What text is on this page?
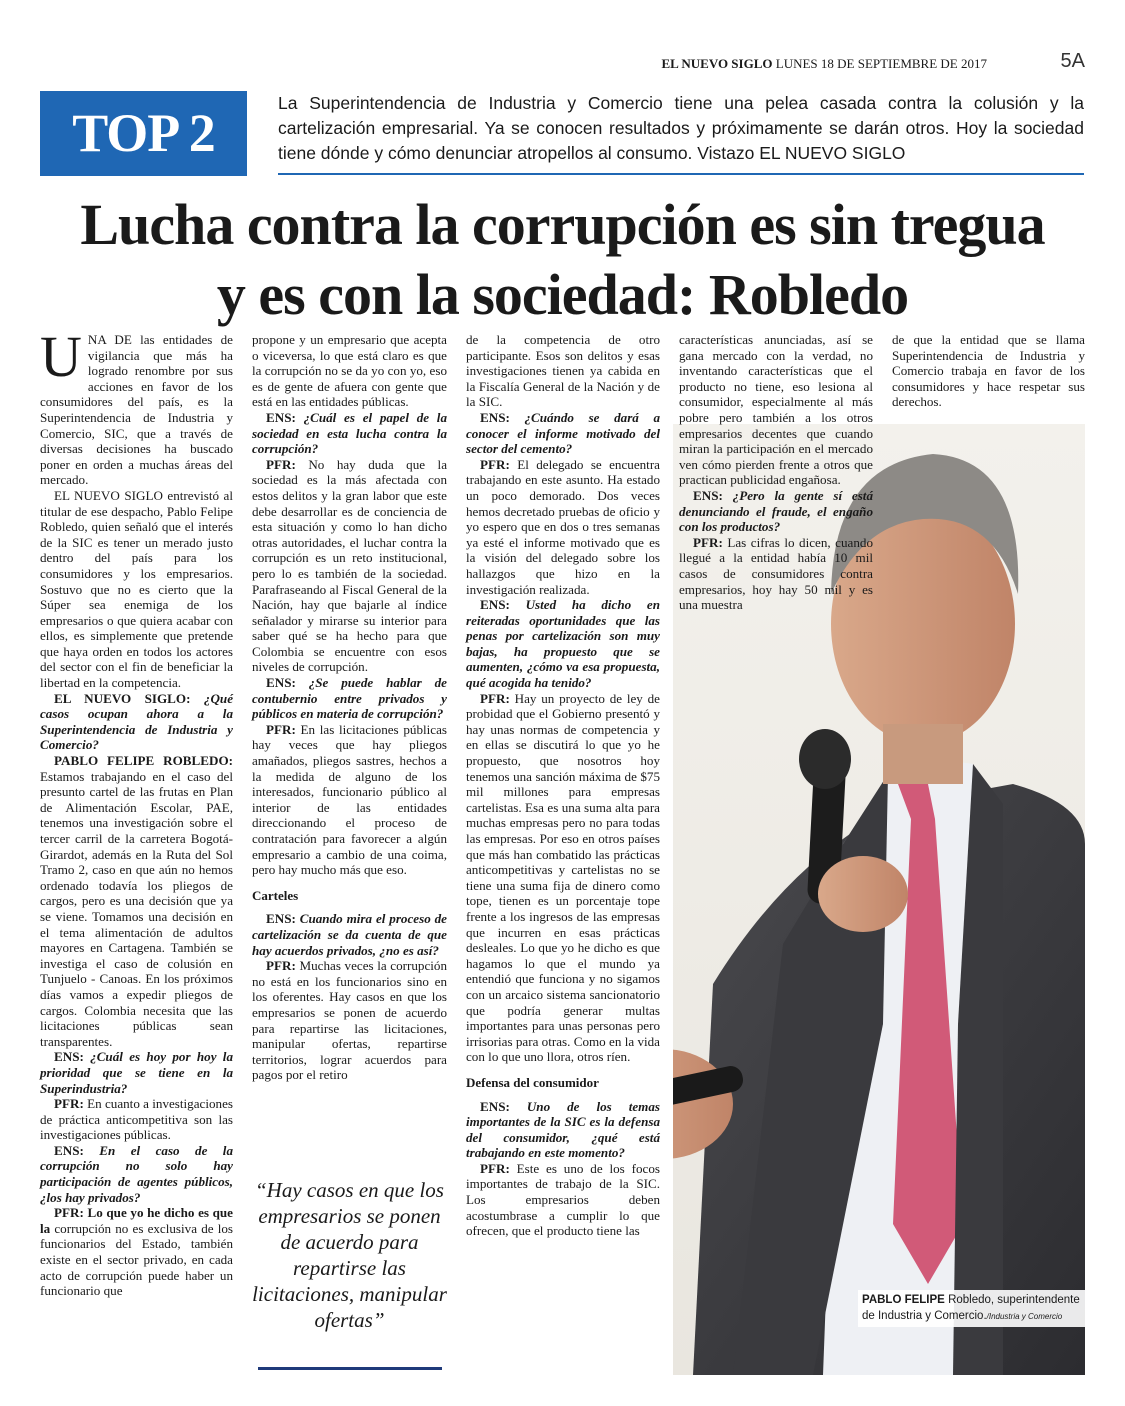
EL NUEVO SIGLO LUNES 18 DE SEPTIEMBRE DE 2017	5A
TOP 2	La Superintendencia de Industria y Comercio tiene una pelea casada contra la colusión y la cartelización empresarial. Ya se conocen resultados y próximamente se darán otros. Hoy la sociedad tiene dónde y cómo denunciar atropellos al consumo. Vistazo EL NUEVO SIGLO
Lucha contra la corrupción es sin tregua
y es con la sociedad: Robledo
PABLO FELIPE Robledo, superintendente de Industria y Comercio./Industria y Comercio

UNA DE las entidades de vigilancia que más ha logrado renombre por sus acciones en favor de los consumidores del país, es la Superintendencia de Industria y Comercio, SIC, que a través de diversas decisiones ha buscado poner en orden a muchas áreas del mercado.

EL NUEVO SIGLO entrevistó al titular de ese despacho, Pablo Felipe Robledo, quien señaló que el interés de la SIC es tener un merado justo dentro del país para los consumidores y los empresarios. Sostuvo que no es cierto que la Súper sea enemiga de los empresarios o que quiera acabar con ellos, es simplemente que pretende que haya orden en todos los actores del sector con el fin de beneficiar la libertad en la competencia.

EL NUEVO SIGLO: ¿Qué casos ocupan ahora a la Superintendencia de Industria y Comercio?

PABLO FELIPE ROBLEDO: Estamos trabajando en el caso del presunto cartel de las frutas en Plan de Alimentación Escolar, PAE, tenemos una investigación sobre el tercer carril de la carretera Bogotá- Girardot, además en la Ruta del Sol Tramo 2, caso en que aún no hemos ordenado todavía los pliegos de cargos, pero es una decisión que ya se viene. Tomamos una decisión en el tema alimentación de adultos mayores en Cartagena. También se investiga el caso de colusión en Tunjuelo - Canoas. En los próximos días vamos a expedir pliegos de cargos. Colombia necesita que las licitaciones públicas sean transparentes.

ENS: ¿Cuál es hoy por hoy la prioridad que se tiene en la Superindustria?

PFR: En cuanto a investigaciones de práctica anticompetitiva son las investigaciones públicas.

ENS: En el caso de la corrupción no solo hay participación de agentes públicos, ¿los hay privados?

PFR: Lo que yo he dicho es que la corrupción no es exclusiva de los funcionarios del Estado, también existe en el sector privado, en cada acto de corrupción puede haber un funcionario que

propone y un empresario que acepta o viceversa, lo que está claro es que la corrupción no se da yo con yo, eso es de gente de afuera con gente que está en las entidades públicas.

ENS: ¿Cuál es el papel de la sociedad en esta lucha contra la corrupción?

PFR: No hay duda que la sociedad es la más afectada con estos delitos y la gran labor que este debe desarrollar es de conciencia de esta situación y como lo han dicho otras autoridades, el luchar contra la corrupción es un reto institucional, pero lo es también de la sociedad. Parafraseando al Fiscal General de la Nación, hay que bajarle al índice señalador y mirarse su interior para saber qué se ha hecho para que Colombia se encuentre con esos niveles de corrupción.

ENS: ¿Se puede hablar de contubernio entre privados y públicos en materia de corrupción?

PFR: En las licitaciones públicas hay veces que hay pliegos amañados, pliegos sastres, hechos a la medida de alguno de los interesados, funcionario público al interior de las entidades direccionando el proceso de contratación para favorecer a algún empresario a cambio de una coima, pero hay mucho más que eso.

Carteles

ENS: Cuando mira el proceso de cartelización se da cuenta de que hay acuerdos privados, ¿no es así?

PFR: Muchas veces la corrupción no está en los funcionarios sino en los oferentes. Hay casos en que los empresarios se ponen de acuerdo para repartirse las licitaciones, manipular ofertas, repartirse territorios, lograr acuerdos para pagos por el retiro

“Hay casos en que los empresarios se ponen de acuerdo para repartirse las licitaciones, manipular ofertas”

de la competencia de otro participante. Esos son delitos y esas investigaciones tienen ya cabida en la Fiscalía General de la Nación y de la SIC.

ENS: ¿Cuándo se dará a conocer el informe motivado del sector del cemento?

PFR: El delegado se encuentra trabajando en este asunto. Ha estado un poco demorado. Dos veces hemos decretado pruebas de oficio y yo espero que en dos o tres semanas ya esté el informe motivado que es la visión del delegado sobre los hallazgos que hizo en la investigación realizada.

ENS: Usted ha dicho en reiteradas oportunidades que las penas por cartelización son muy bajas, ha propuesto que se aumenten, ¿cómo va esa propuesta, qué acogida ha tenido?

PFR: Hay un proyecto de ley de probidad que el Gobierno presentó y hay unas normas de competencia y en ellas se discutirá lo que yo he propuesto, que nosotros hoy tenemos una sanción máxima de $75 mil millones para empresas cartelistas. Esa es una suma alta para muchas empresas pero no para todas las empresas. Por eso en otros países que más han combatido las prácticas anticompetitivas y cartelistas no se tiene una suma fija de dinero como tope, tienen es un porcentaje tope frente a los ingresos de las empresas que incurren en esas prácticas desleales. Lo que yo he dicho es que hagamos lo que el mundo ya entendió que funciona y no sigamos con un arcaico sistema sancionatorio que podría generar multas importantes para unas personas pero irrisorias para otras. Como en la vida con lo que uno llora, otros ríen.

Defensa del consumidor

ENS: Uno de los temas importantes de la SIC es la defensa del consumidor, ¿qué está trabajando en este momento?

PFR: Este es uno de los focos importantes de trabajo de la SIC. Los empresarios deben acostumbrase a cumplir lo que ofrecen, que el producto tiene las

características anunciadas, así se gana mercado con la verdad, no inventando características que el producto no tiene, eso lesiona al consumidor, especialmente al más pobre pero también a los otros empresarios decentes que cuando miran la participación en el mercado ven cómo pierden frente a otros que practican publicidad engañosa.

ENS: ¿Pero la gente sí está denunciando el fraude, el engaño con los productos?

PFR: Las cifras lo dicen, cuando llegué a la entidad había 10 mil casos de consumidores contra empresarios, hoy hay 50 mil y es una muestra

de que la entidad que se llama Superintendencia de Industria y Comercio trabaja en favor de los consumidores y hace respetar sus derechos.
